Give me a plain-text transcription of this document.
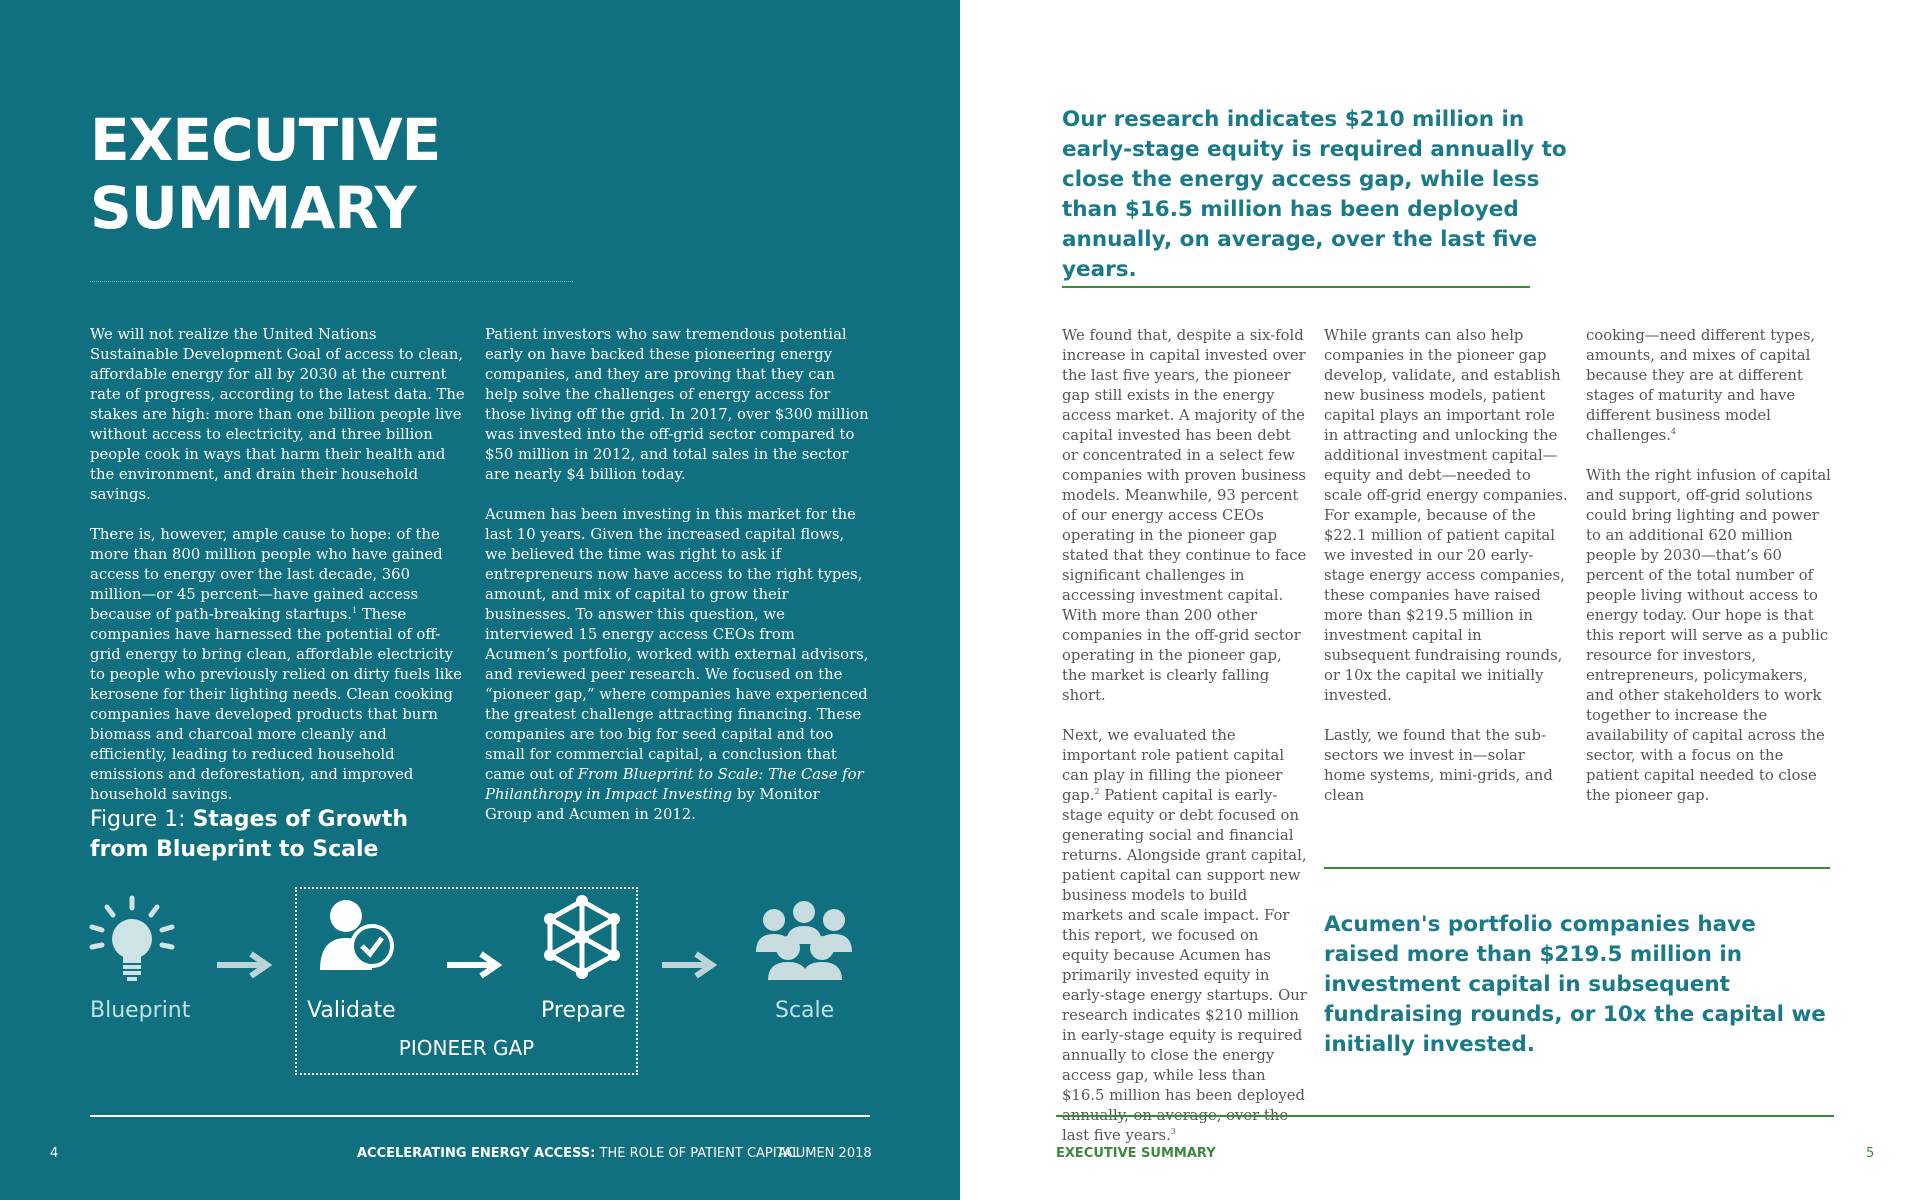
EXECUTIVE
SUMMARY

We will not realize the United Nations Sustainable Development Goal of access to clean, affordable energy for all by 2030 at the current rate of progress, according to the latest data. The stakes are high: more than one billion people live without access to electricity, and three billion people cook in ways that harm their health and the environment, and drain their household savings.

There is, however, ample cause to hope: of the more than 800 million people who have gained access to energy over the last decade, 360 million—or 45 percent—have gained access because of path-breaking startups.$^1$ These companies have harnessed the potential of off-grid energy to bring clean, affordable electricity to people who previously relied on dirty fuels like kerosene for their lighting needs. Clean cooking companies have developed products that burn biomass and charcoal more cleanly and efficiently, leading to reduced household emissions and deforestation, and improved household savings.

Patient investors who saw tremendous potential early on have backed these pioneering energy companies, and they are proving that they can help solve the challenges of energy access for those living off the grid. In 2017, over $300 million was invested into the off-grid sector compared to $50 million in 2012, and total sales in the sector are nearly $4 billion today.

Acumen has been investing in this market for the last 10 years. Given the increased capital flows, we believed the time was right to ask if entrepreneurs now have access to the right types, amount, and mix of capital to grow their businesses. To answer this question, we interviewed 15 energy access CEOs from Acumen’s portfolio, worked with external advisors, and reviewed peer research. We focused on the “pioneer gap,” where companies have experienced the greatest challenge attracting financing. These companies are too big for seed capital and too small for commercial capital, a conclusion that came out of From Blueprint to Scale: The Case for Philanthropy in Impact Investing by Monitor Group and Acumen in 2012.

Figure 1: Stages of Growth
from Blueprint to Scale
Blueprint	Validate	Prepare	Scale
PIONEER GAP
4	ACCELERATING ENERGY ACCESS: THE ROLE OF PATIENT CAPITAL
ACUMEN 2018
Our research indicates $210 million in early-stage equity is required annually to close the energy access gap, while less than $16.5 million has been deployed annually, on average, over the last five years.

We found that, despite a six-fold increase in capital invested over the last five years, the pioneer gap still exists in the energy access market. A majority of the capital invested has been debt or concentrated in a select few companies with proven business models. Meanwhile, 93 percent of our energy access CEOs operating in the pioneer gap stated that they continue to face significant challenges in accessing investment capital. With more than 200 other companies in the off-grid sector operating in the pioneer gap, the market is clearly falling short.

Next, we evaluated the important role patient capital can play in filling the pioneer gap.$^2$ Patient capital is early-stage equity or debt focused on generating social and financial returns. Alongside grant capital, patient capital can support new business models to build markets and scale impact. For this report, we focused on equity because Acumen has primarily invested equity in early-stage energy startups. Our research indicates $210 million in early-stage equity is required annually to close the energy access gap, while less than $16.5 million has been deployed annually, on average, over the last five years.$^3$

While grants can also help companies in the pioneer gap develop, validate, and establish new business models, patient capital plays an important role in attracting and unlocking the additional investment capital—equity and debt—needed to scale off-grid energy companies. For example, because of the $22.1 million of patient capital we invested in our 20 early-stage energy access companies, these companies have raised more than $219.5 million in investment capital in subsequent fundraising rounds, or 10x the capital we initially invested.

Lastly, we found that the sub-sectors we invest in—solar home systems, mini-grids, and clean

cooking—need different types, amounts, and mixes of capital because they are at different stages of maturity and have different business model challenges.$^4$

With the right infusion of capital and support, off-grid solutions could bring lighting and power to an additional 620 million people by 2030—that’s 60 percent of the total number of people living without access to energy today. Our hope is that this report will serve as a public resource for investors, entrepreneurs, policymakers, and other stakeholders to work together to increase the availability of capital across the sector, with a focus on the patient capital needed to close the pioneer gap.

Acumen's portfolio companies have raised more than $219.5 million in investment capital in subsequent fundraising rounds, or 10x the capital we initially invested.
EXECUTIVE SUMMARY	5
